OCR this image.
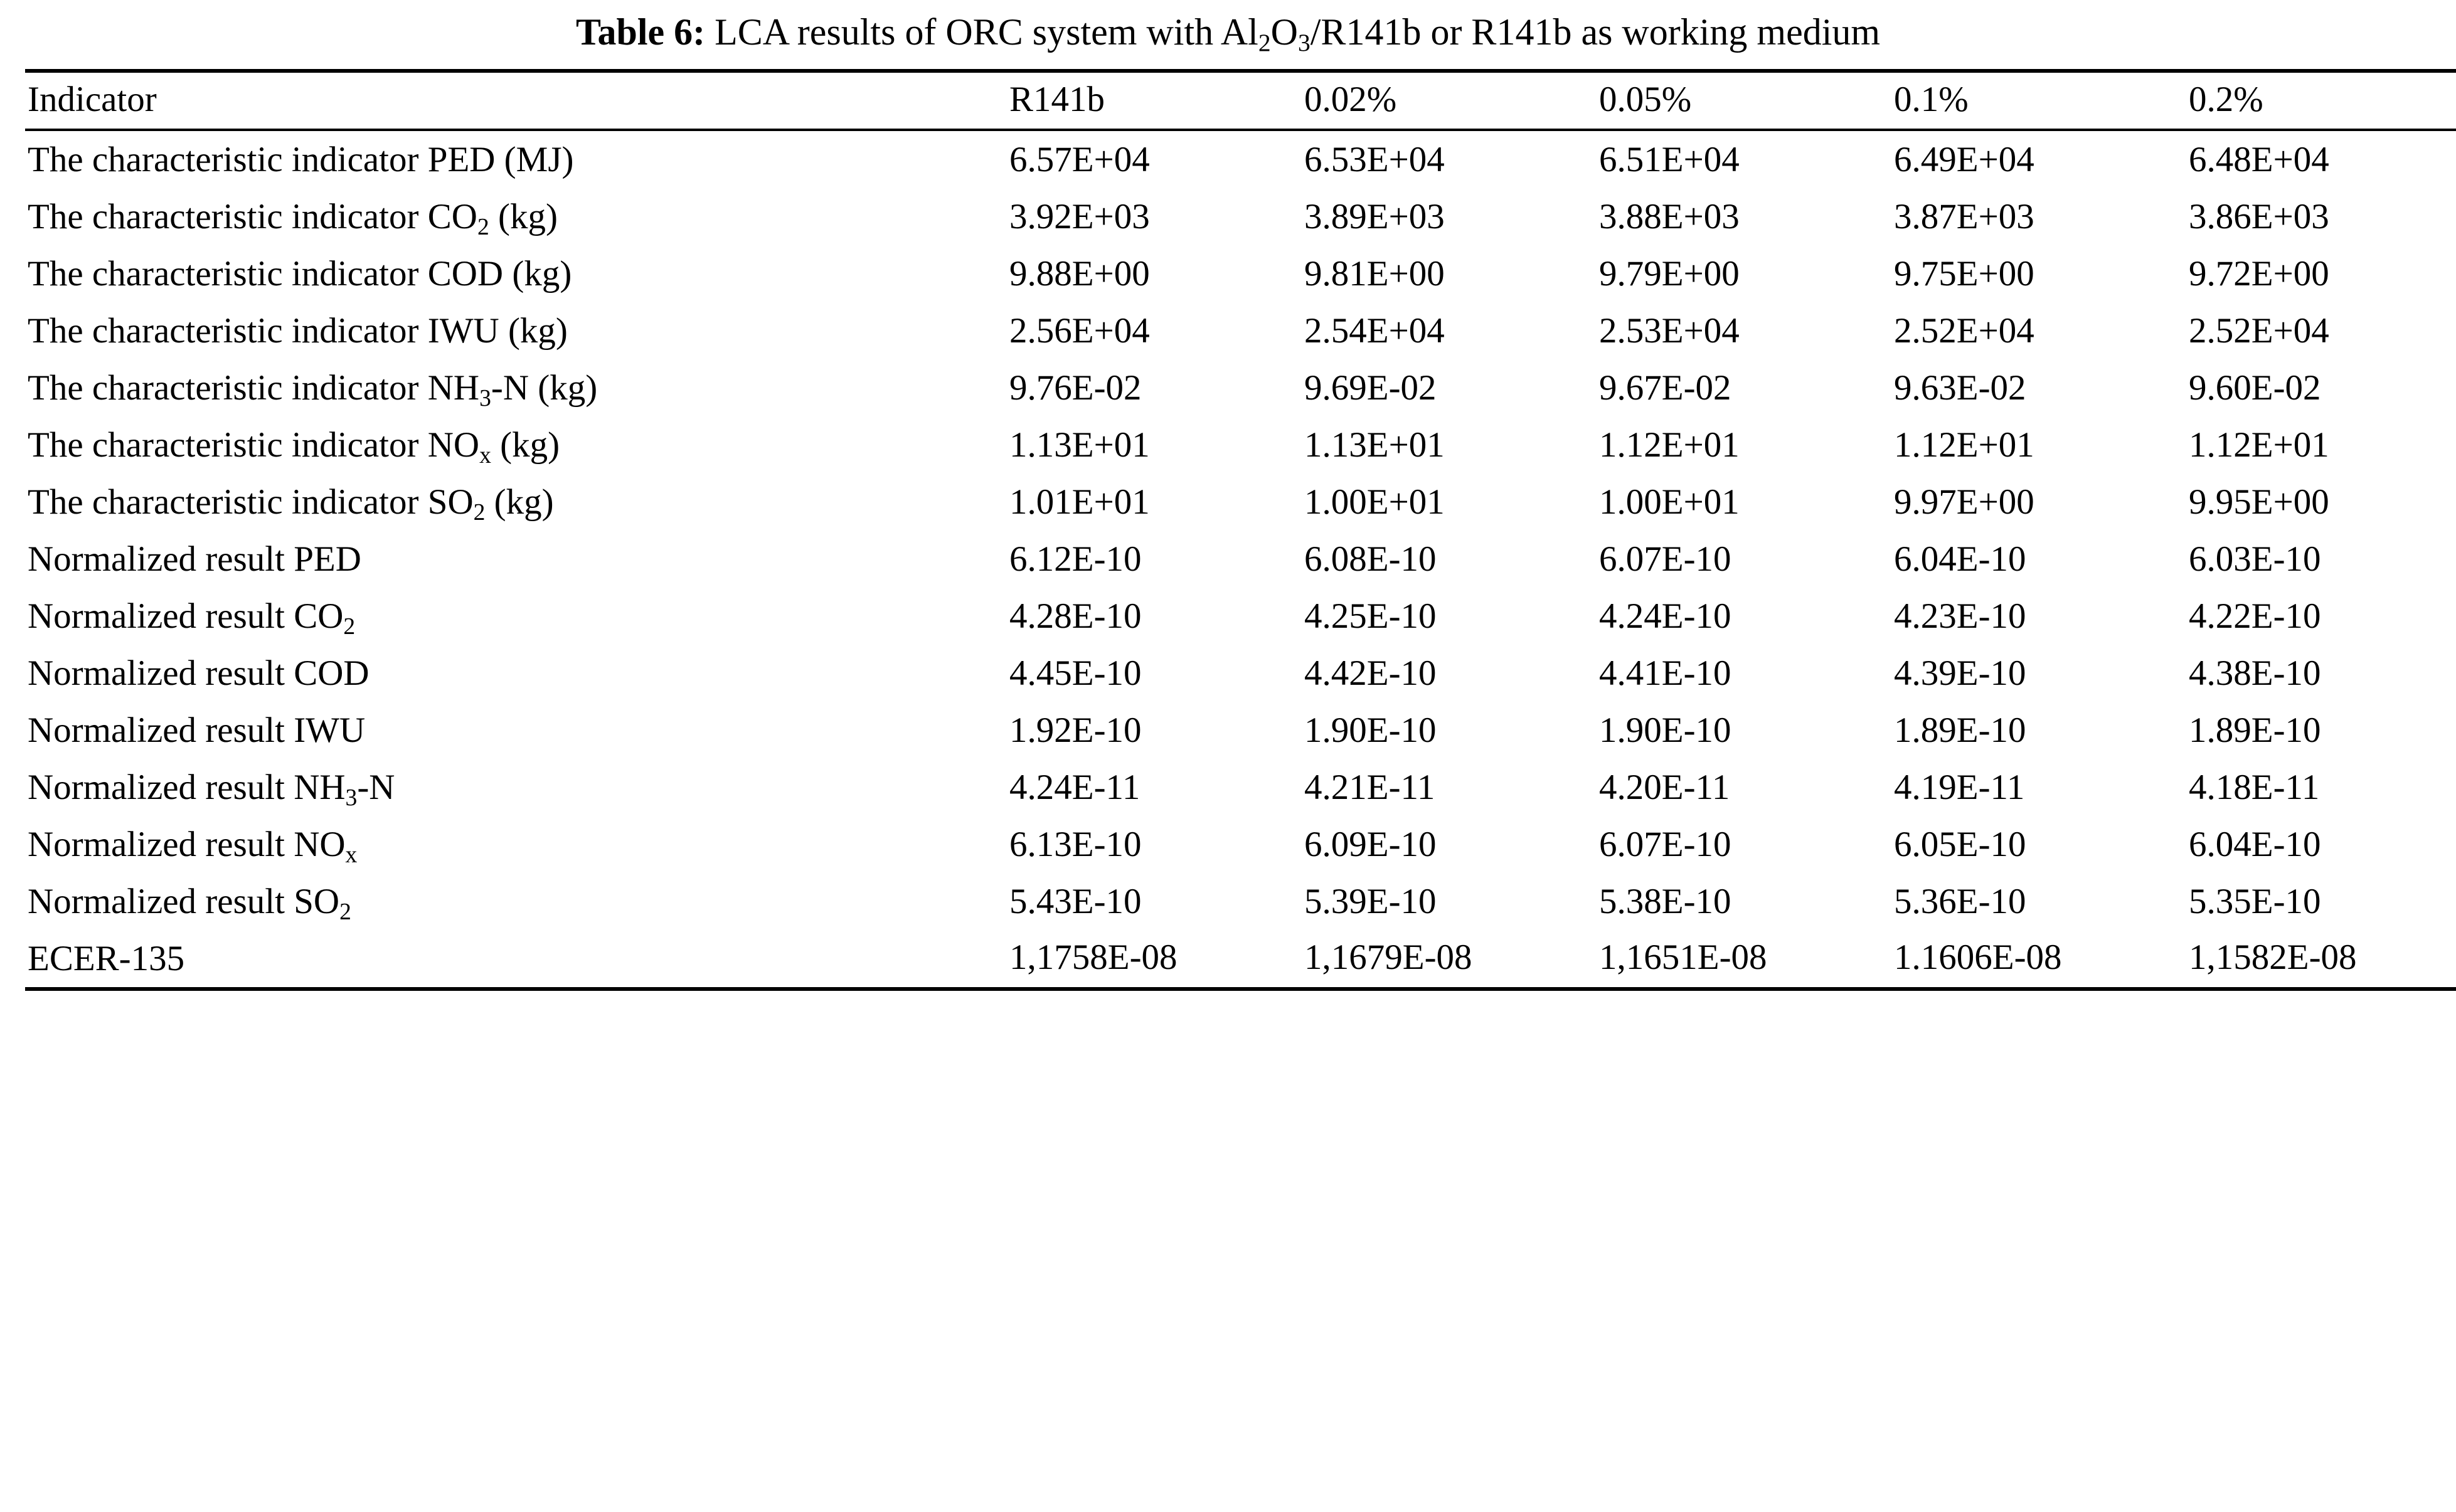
Table 6: LCA results of ORC system with $Al_2O_3/R141b$ or R141b as working medium
Indicator	R141b	0.02%	0.05%	0.1%	0.2%
The characteristic indicator PED (MJ)	6.57E+04	6.53E+04	6.51E+04	6.49E+04	6.48E+04
The characteristic indicator $CO_2$ (kg)	3.92E+03	3.89E+03	3.88E+03	3.87E+03	3.86E+03
The characteristic indicator COD (kg)	9.88E+00	9.81E+00	9.79E+00	9.75E+00	9.72E+00
The characteristic indicator IWU (kg)	2.56E+04	2.54E+04	2.53E+04	2.52E+04	2.52E+04
The characteristic indicator $NH_3-N$ (kg)	9.76E-02	9.69E-02	9.67E-02	9.63E-02	9.60E-02
The characteristic indicator $NO_x$ (kg)	1.13E+01	1.13E+01	1.12E+01	1.12E+01	1.12E+01
The characteristic indicator $SO_2$ (kg)	1.01E+01	1.00E+01	1.00E+01	9.97E+00	9.95E+00
Normalized result PED	6.12E-10	6.08E-10	6.07E-10	6.04E-10	6.03E-10
Normalized result $CO_2$	4.28E-10	4.25E-10	4.24E-10	4.23E-10	4.22E-10
Normalized result COD	4.45E-10	4.42E-10	4.41E-10	4.39E-10	4.38E-10
Normalized result IWU	1.92E-10	1.90E-10	1.90E-10	1.89E-10	1.89E-10
Normalized result $NH_3-N$	4.24E-11	4.21E-11	4.20E-11	4.19E-11	4.18E-11
Normalized result $NO_x$	6.13E-10	6.09E-10	6.07E-10	6.05E-10	6.04E-10
Normalized result $SO_2$	5.43E-10	5.39E-10	5.38E-10	5.36E-10	5.35E-10
ECER-135	1,1758E-08	1,1679E-08	1,1651E-08	1.1606E-08	1,1582E-08
